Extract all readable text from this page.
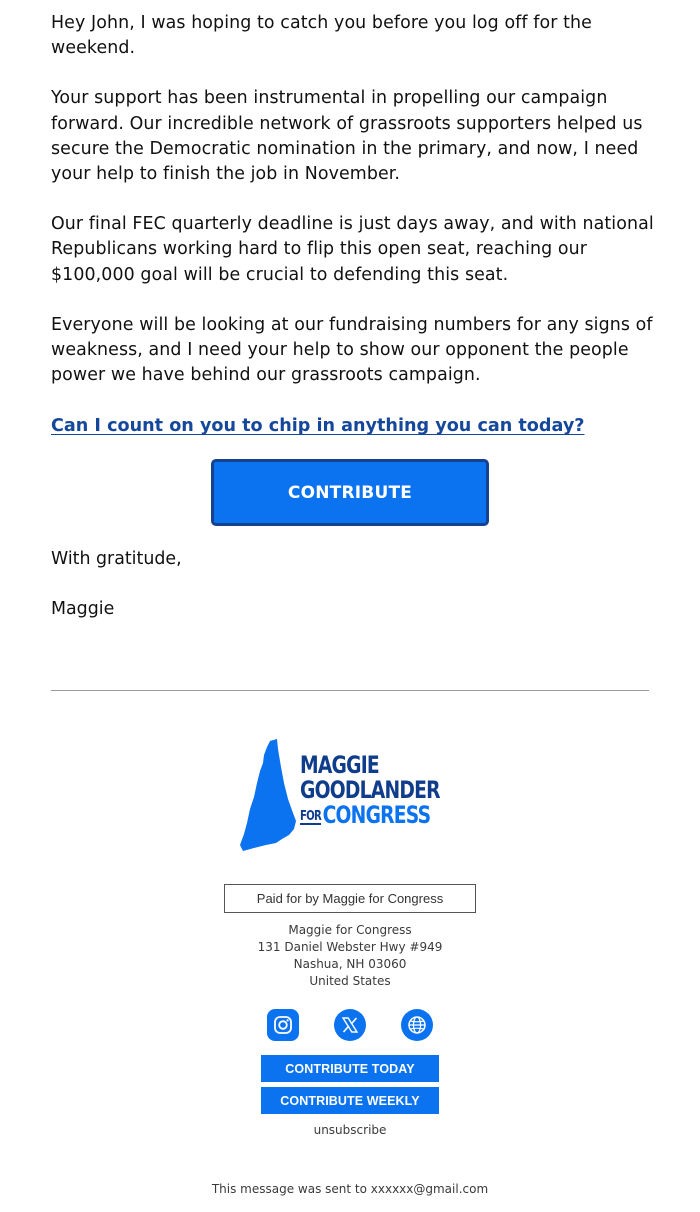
Hey John, I was hoping to catch you before you log off for the weekend.

Your support has been instrumental in propelling our campaign forward. Our incredible network of grassroots supporters helped us secure the Democratic nomination in the primary, and now, I need your help to finish the job in November.

Our final FEC quarterly deadline is just days away, and with national Republicans working hard to flip this open seat, reaching our $100,000 goal will be crucial to defending this seat.

Everyone will be looking at our fundraising numbers for any signs of weakness, and I need your help to show our opponent the people power we have behind our grassroots campaign.

Can I count on you to chip in anything you can today?
CONTRIBUTE
With gratitude,
Maggie
MAGGIE
GOODLANDER
FORCONGRESS
Paid for by Maggie for Congress
Maggie for Congress
131 Daniel Webster Hwy #949
Nashua, NH 03060
United States
CONTRIBUTE TODAY
CONTRIBUTE WEEKLY
unsubscribe
This message was sent to xxxxxx@gmail.com
